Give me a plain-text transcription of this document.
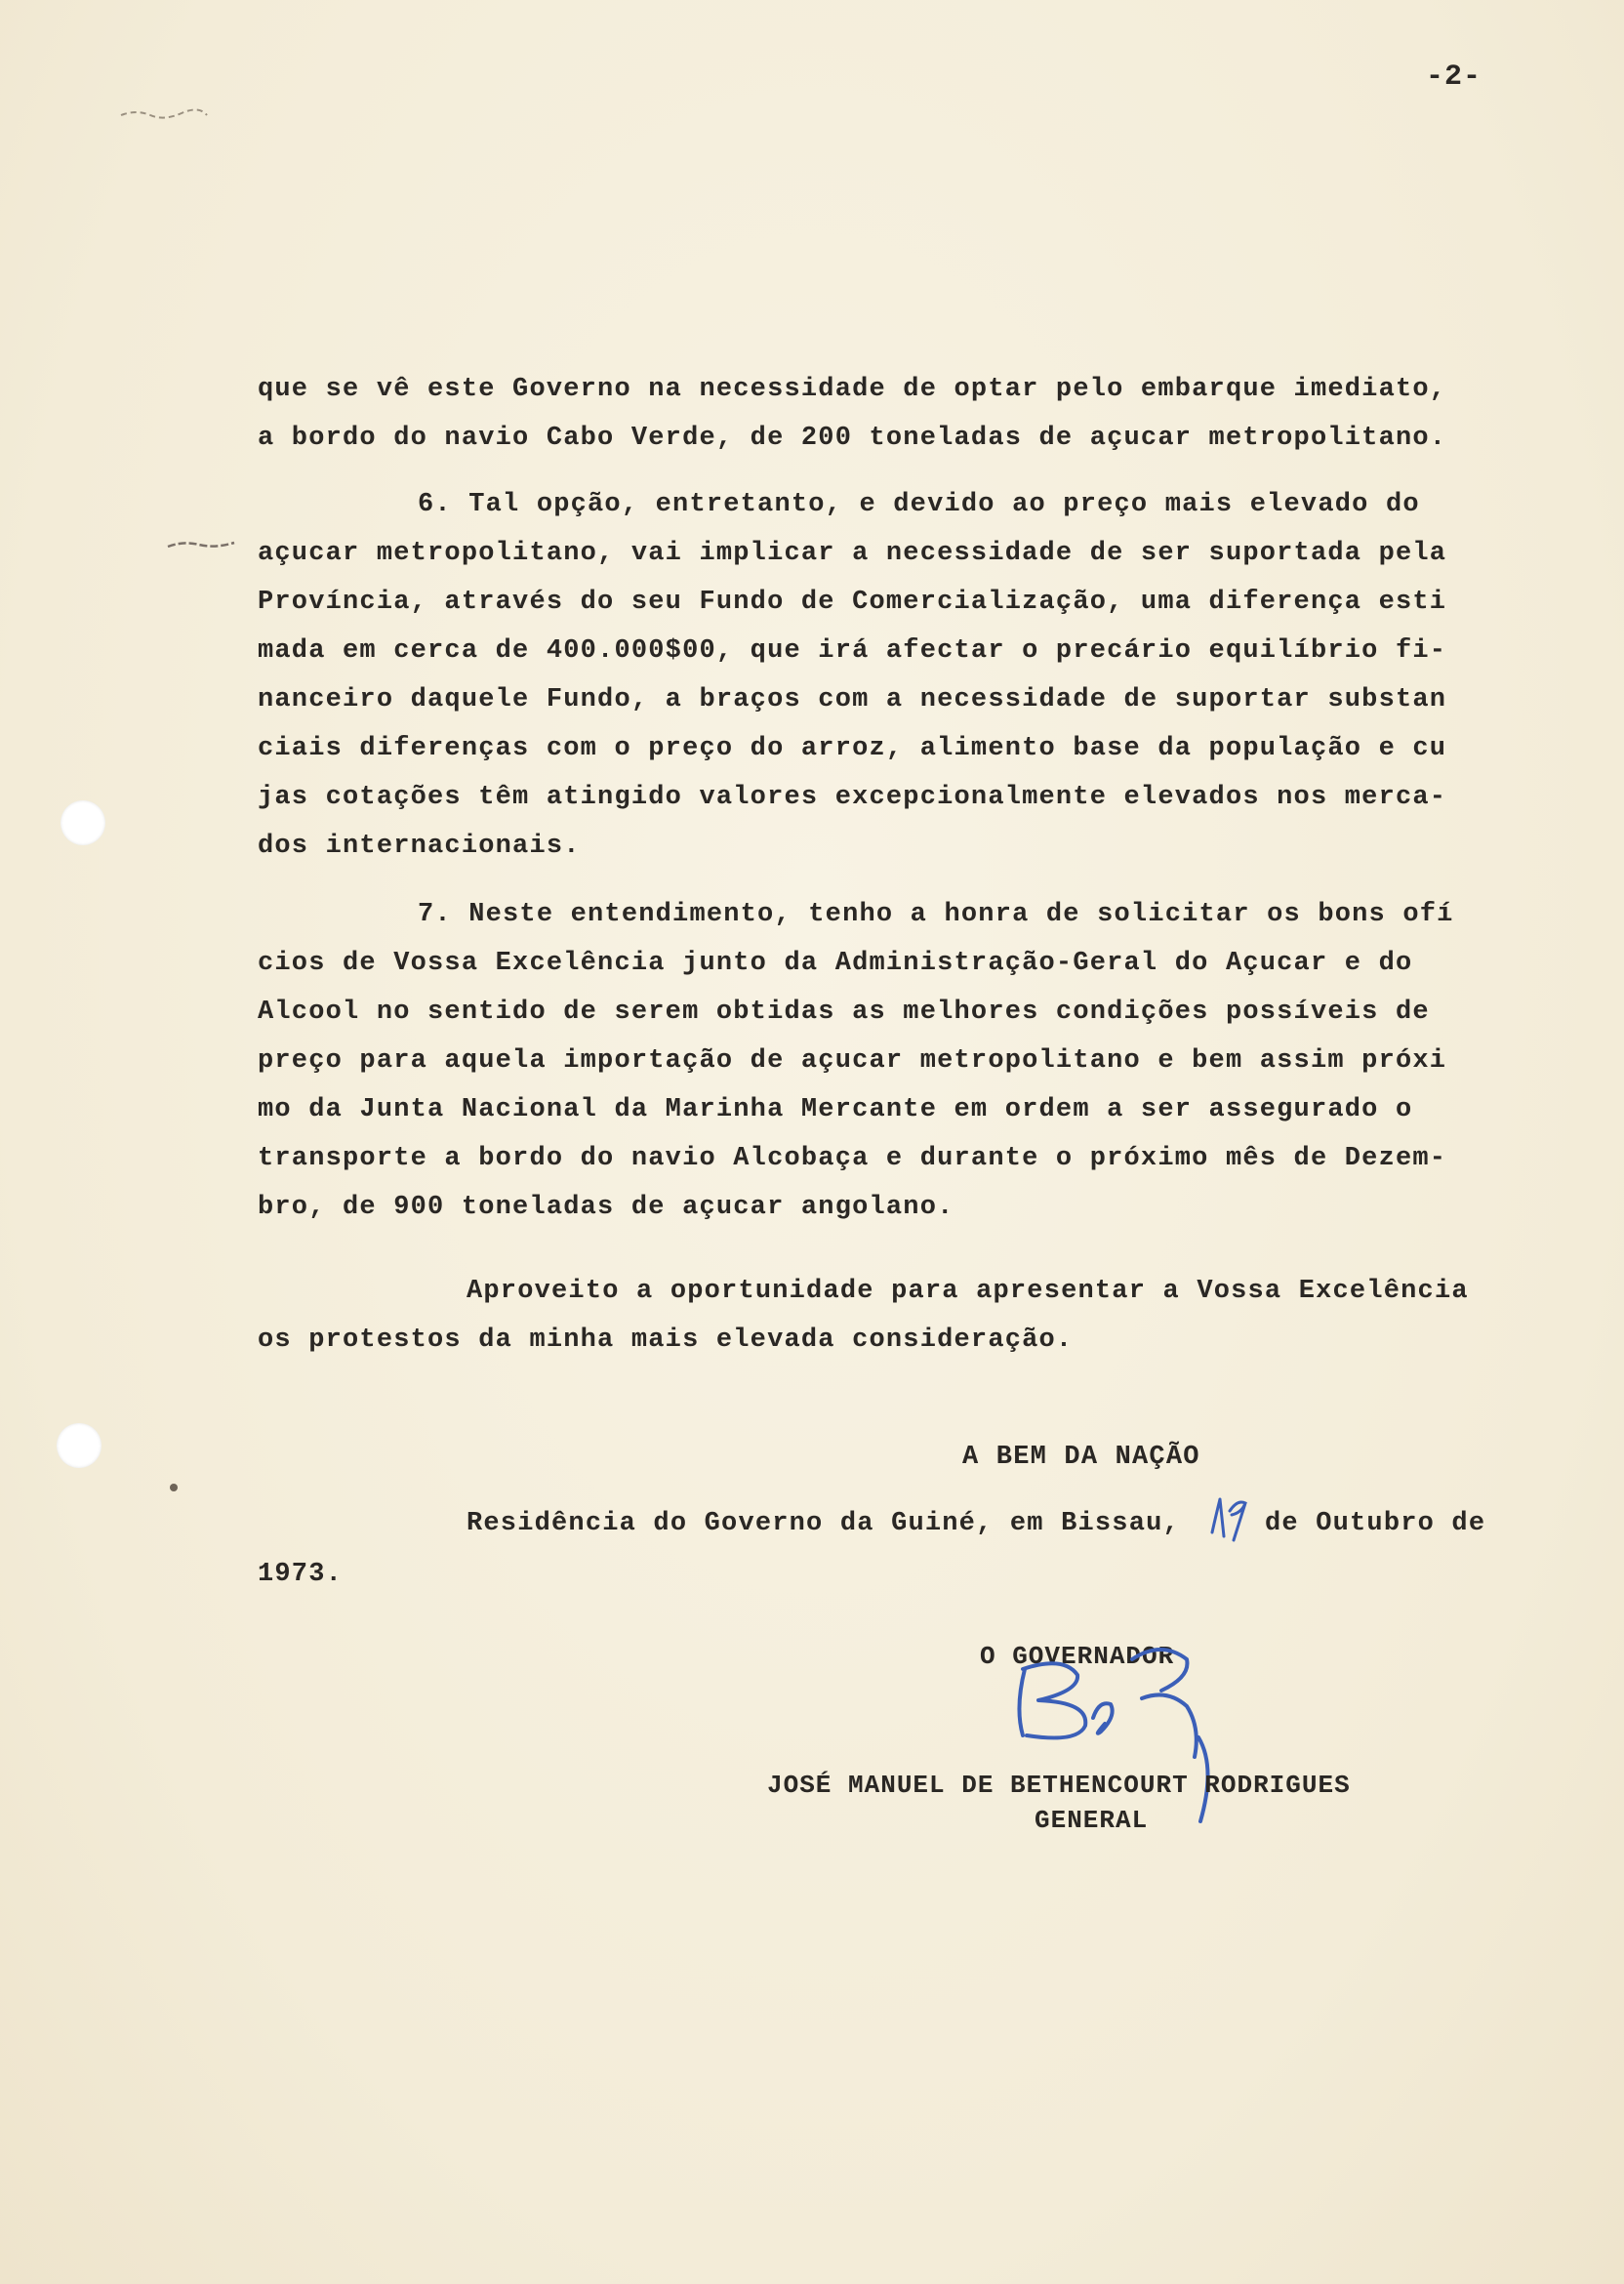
-2-
que se vê este Governo na necessidade de optar pelo embarque imediato,
a bordo do navio Cabo Verde, de 200 toneladas de açucar metropolitano.
6. Tal opção, entretanto, e devido ao preço mais elevado do
açucar metropolitano, vai implicar a necessidade de ser suportada pela
Província, através do seu Fundo de Comercialização, uma diferença esti
mada em cerca de 400.000$00, que irá afectar o precário equilíbrio fi-
nanceiro daquele Fundo, a braços com a necessidade de suportar substan
ciais diferenças com o preço do arroz, alimento base da população e cu
jas cotações têm atingido valores excepcionalmente elevados nos merca-
dos internacionais.
7. Neste entendimento, tenho a honra de solicitar os bons ofí
cios de Vossa Excelência junto da Administração-Geral do Açucar e do
Alcool no sentido de serem obtidas as melhores condições possíveis de
preço para aquela importação de açucar metropolitano e bem assim próxi
mo da Junta Nacional da Marinha Mercante em ordem a ser assegurado o
transporte a bordo do navio Alcobaça e durante o próximo mês de Dezem-
bro, de 900 toneladas de açucar angolano.
Aproveito a oportunidade para apresentar a Vossa Excelência
os protestos da minha mais elevada consideração.
A BEM DA NAÇÃO
Residência do Governo da Guiné, em Bissau,
19
de Outubro de
1973.
O GOVERNADOR
JOSÉ MANUEL DE BETHENCOURT RODRIGUES
GENERAL
